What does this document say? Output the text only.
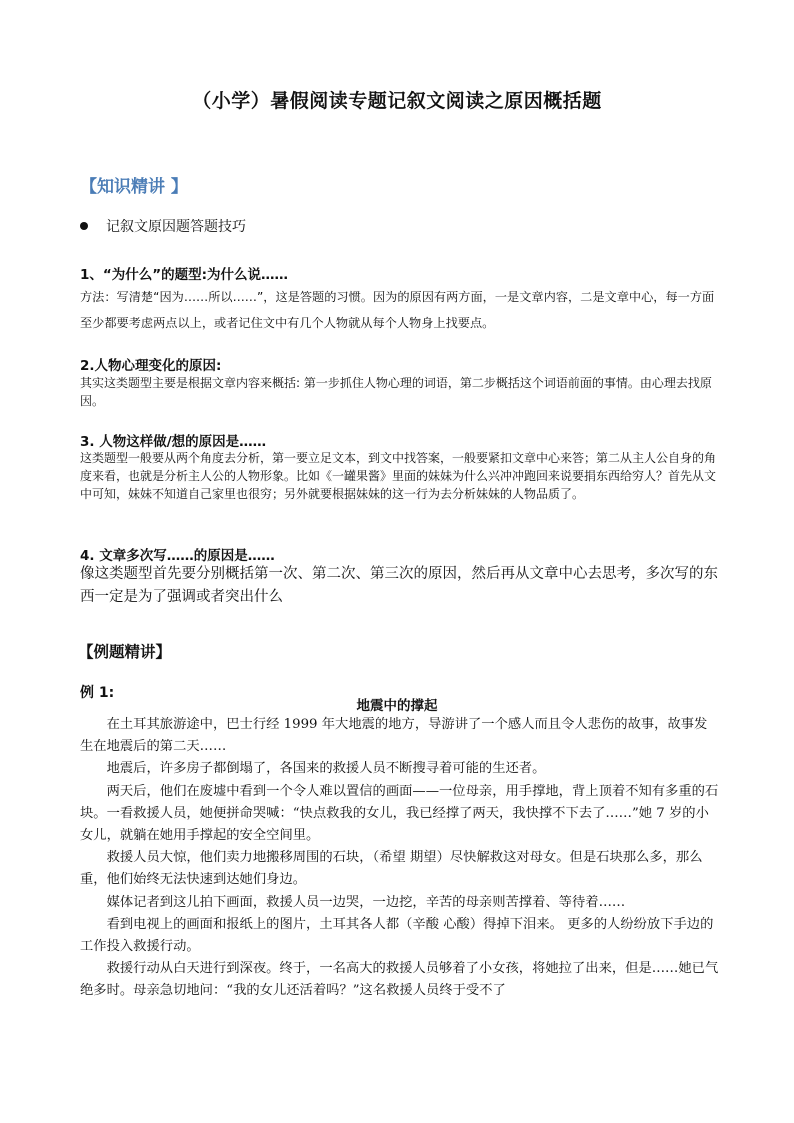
（小学）暑假阅读专题记叙文阅读之原因概括题
【知识精讲 】
记叙文原因题答题技巧
1、“为什么”的题型:为什么说……
方法：写清楚“因为……所以……”，这是答题的习惯。因为的原因有两方面，一是文章内容，二是文章中心，每一方面至少都要考虑两点以上，或者记住文中有几个人物就从每个人物身上找要点。
2.人物心理变化的原因:
其实这类题型主要是根据文章内容来概括: 第一步抓住人物心理的词语，第二步概括这个词语前面的事情。由心理去找原因。
3. 人物这样做/想的原因是……
这类题型一般要从两个角度去分析，第一要立足文本，到文中找答案，一般要紧扣文章中心来答；第二从主人公自身的角度来看，也就是分析主人公的人物形象。比如《一罐果酱》里面的妹妹为什么兴冲冲跑回来说要捐东西给穷人？首先从文中可知，妹妹不知道自己家里也很穷；另外就要根据妹妹的这一行为去分析妹妹的人物品质了。
4. 文章多次写……的原因是……
像这类题型首先要分别概括第一次、第二次、第三次的原因，然后再从文章中心去思考，多次写的东西一定是为了强调或者突出什么
【例题精讲】
例 1:
地震中的撑起

在土耳其旅游途中，巴士行经 1999 年大地震的地方，导游讲了一个感人而且令人悲伤的故事，故事发生在地震后的第二天……

地震后，许多房子都倒塌了，各国来的救援人员不断搜寻着可能的生还者。

两天后，他们在废墟中看到一个令人难以置信的画面——一位母亲，用手撑地，背上顶着不知有多重的石块。一看救援人员，她便拼命哭喊：“快点救我的女儿，我已经撑了两天，我快撑不下去了……”她 7 岁的小女儿，就躺在她用手撑起的安全空间里。

救援人员大惊，他们卖力地搬移周围的石块，（希望 期望）尽快解救这对母女。但是石块那么多，那么重，他们始终无法快速到达她们身边。

媒体记者到这儿拍下画面，救援人员一边哭，一边挖，辛苦的母亲则苦撑着、等待着……

看到电视上的画面和报纸上的图片，土耳其各人都（辛酸 心酸）得掉下泪来。 更多的人纷纷放下手边的工作投入救援行动。

救援行动从白天进行到深夜。终于，一名高大的救援人员够着了小女孩，将她拉了出来，但是……她已气绝多时。母亲急切地问：“我的女儿还活着吗？”这名救援人员终于受不了
